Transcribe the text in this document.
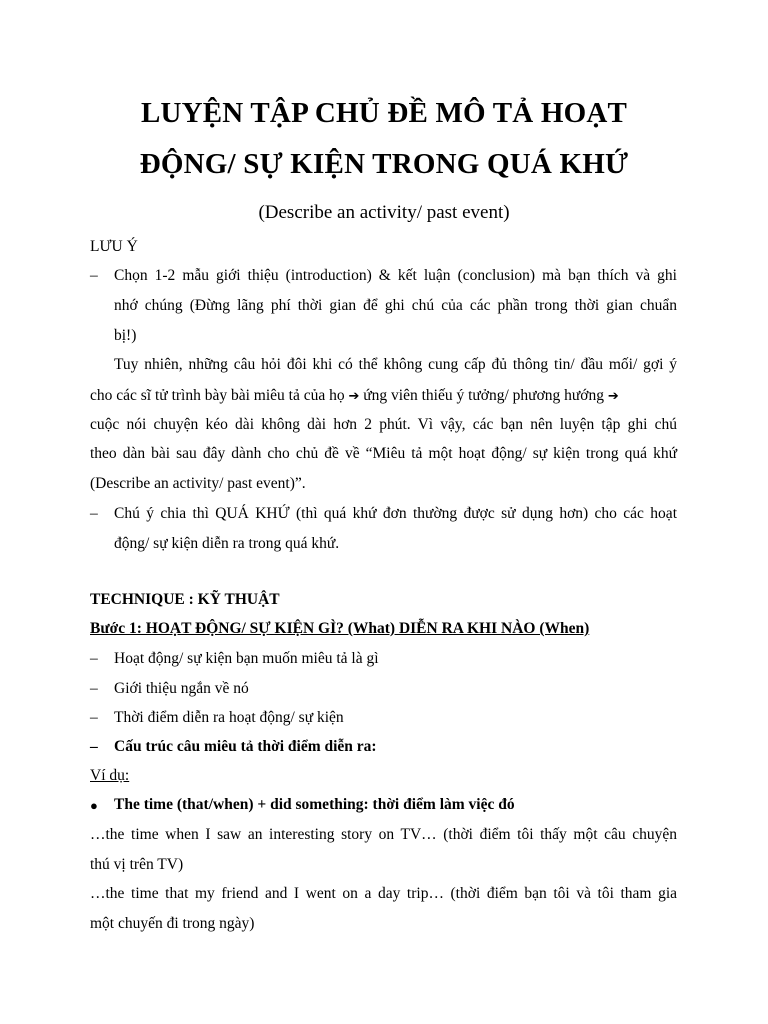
LUYỆN TẬP CHỦ ĐỀ MÔ TẢ HOẠT
ĐỘNG/ SỰ KIỆN TRONG QUÁ KHỨ
(Describe an activity/ past event)
LƯU Ý
– Chọn 1-2 mẫu giới thiệu (introduction) & kết luận (conclusion) mà bạn thích và ghi
nhớ chúng (Đừng lãng phí thời gian để ghi chú của các phần trong thời gian chuẩn
bị!)
Tuy nhiên, những câu hỏi đôi khi có thể không cung cấp đủ thông tin/ đầu mối/ gợi ý
cho các sĩ tử trình bày bài miêu tả của họ ➔ ứng viên thiếu ý tưởng/ phương hướng ➔
cuộc nói chuyện kéo dài không dài hơn 2 phút. Vì vậy, các bạn nên luyện tập ghi chú
theo dàn bài sau đây dành cho chủ đề về “Miêu tả một hoạt động/ sự kiện trong quá khứ
(Describe an activity/ past event)”.
– Chú ý chia thì QUÁ KHỨ (thì quá khứ đơn thường được sử dụng hơn) cho các hoạt
động/ sự kiện diễn ra trong quá khứ.
TECHNIQUE : KỸ THUẬT
Bước 1: HOẠT ĐỘNG/ SỰ KIỆN GÌ? (What) DIỄN RA KHI NÀO (When)
– Hoạt động/ sự kiện bạn muốn miêu tả là gì
– Giới thiệu ngắn về nó
– Thời điểm diễn ra hoạt động/ sự kiện
– Cấu trúc câu miêu tả thời điểm diễn ra:
Ví dụ:
● The time (that/when) + did something: thời điểm làm việc đó
…the time when I saw an interesting story on TV… (thời điểm tôi thấy một câu chuyện
thú vị trên TV)
…the time that my friend and I went on a day trip… (thời điểm bạn tôi và tôi tham gia
một chuyến đi trong ngày)
